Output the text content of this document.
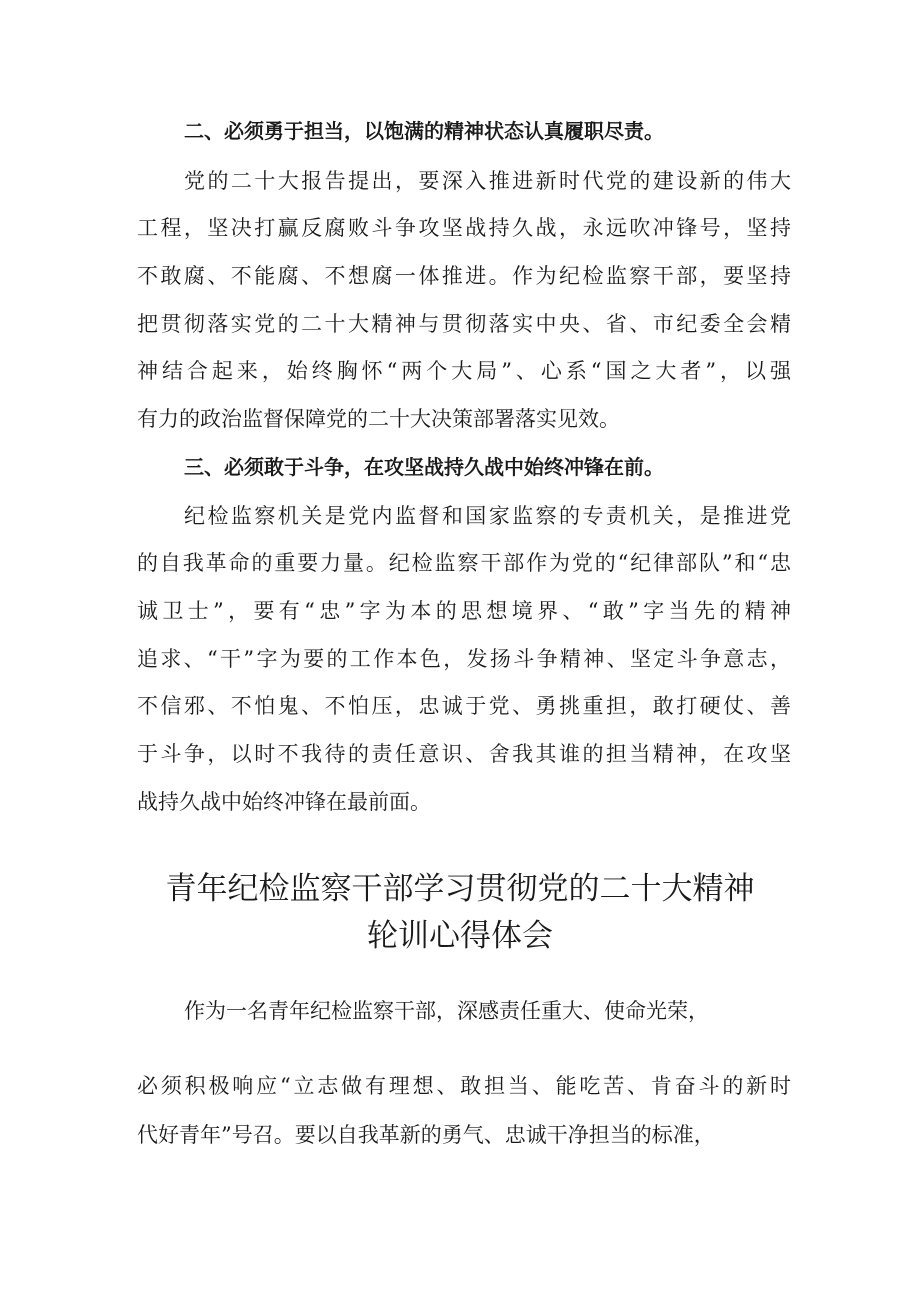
二、必须勇于担当，以饱满的精神状态认真履职尽责。
党的二十大报告提出，要深入推进新时代党的建设新的伟大
工程，坚决打赢反腐败斗争攻坚战持久战，永远吹冲锋号，坚持
不敢腐、不能腐、不想腐一体推进。作为纪检监察干部，要坚持
把贯彻落实党的二十大精神与贯彻落实中央、省、市纪委全会精
神结合起来，始终胸怀“两个大局”、心系“国之大者”，以强
有力的政治监督保障党的二十大决策部署落实见效。
三、必须敢于斗争，在攻坚战持久战中始终冲锋在前。
纪检监察机关是党内监督和国家监察的专责机关，是推进党
的自我革命的重要力量。纪检监察干部作为党的“纪律部队”和“忠
诚卫士”，要有“忠”字为本的思想境界、“敢”字当先的精神
追求、“干”字为要的工作本色，发扬斗争精神、坚定斗争意志，
不信邪、不怕鬼、不怕压，忠诚于党、勇挑重担，敢打硬仗、善
于斗争，以时不我待的责任意识、舍我其谁的担当精神，在攻坚
战持久战中始终冲锋在最前面。
青年纪检监察干部学习贯彻党的二十大精神
轮训心得体会
作为一名青年纪检监察干部，深感责任重大、使命光荣，
必须积极响应“立志做有理想、敢担当、能吃苦、肯奋斗的新时
代好青年”号召。要以自我革新的勇气、忠诚干净担当的标准，
